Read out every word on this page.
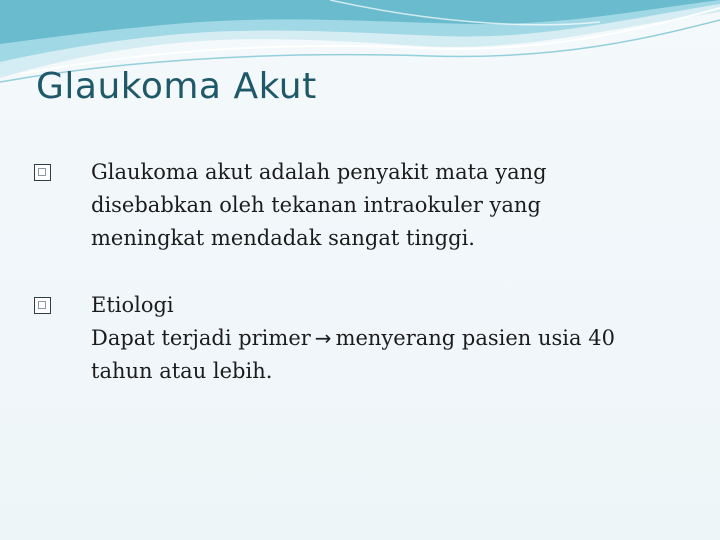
Glaukoma Akut
Glaukoma akut adalah penyakit mata yang
disebabkan oleh tekanan intraokuler yang
meningkat mendadak sangat tinggi.
Etiologi
Dapat terjadi primer → menyerang pasien usia 40
tahun atau lebih.
